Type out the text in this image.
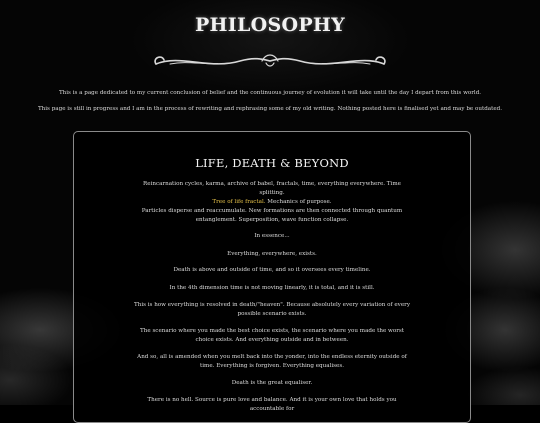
PHILOSOPHY
This is a page dedicated to my current conclusion of belief and the continuous journey of evolution it will take until the day I depart from this world.
This page is still in progress and I am in the process of rewriting and rephrasing some of my old writing. Nothing posted here is finalised yet and may be outdated.
LIFE, DEATH & BEYOND
Reincarnation cycles, karma, archive of babel, fractals, time, everything everywhere. Time splitting.
Tree of life fractal. Mechanics of purpose.
Particles disperse and reaccumulate. New formations are then connected through quantum entanglement. Superposition, wave function collapse.
In essence...
Everything, everywhere, exists.
Death is above and outside of time, and so it oversees every timeline.
In the 4th dimension time is not moving linearly, it is total, and it is still.
This is how everything is resolved in death/"heaven". Because absolutely every variation of every possible scenario exists.
The scenario where you made the best choice exists, the scenario where you made the worst choice exists. And everything outside and in between.
And so, all is amended when you melt back into the yonder, into the endless eternity outside of time. Everything is forgiven. Everything equalises.
Death is the great equaliser.
There is no hell. Source is pure love and balance. And it is your own love that holds you accountable for
